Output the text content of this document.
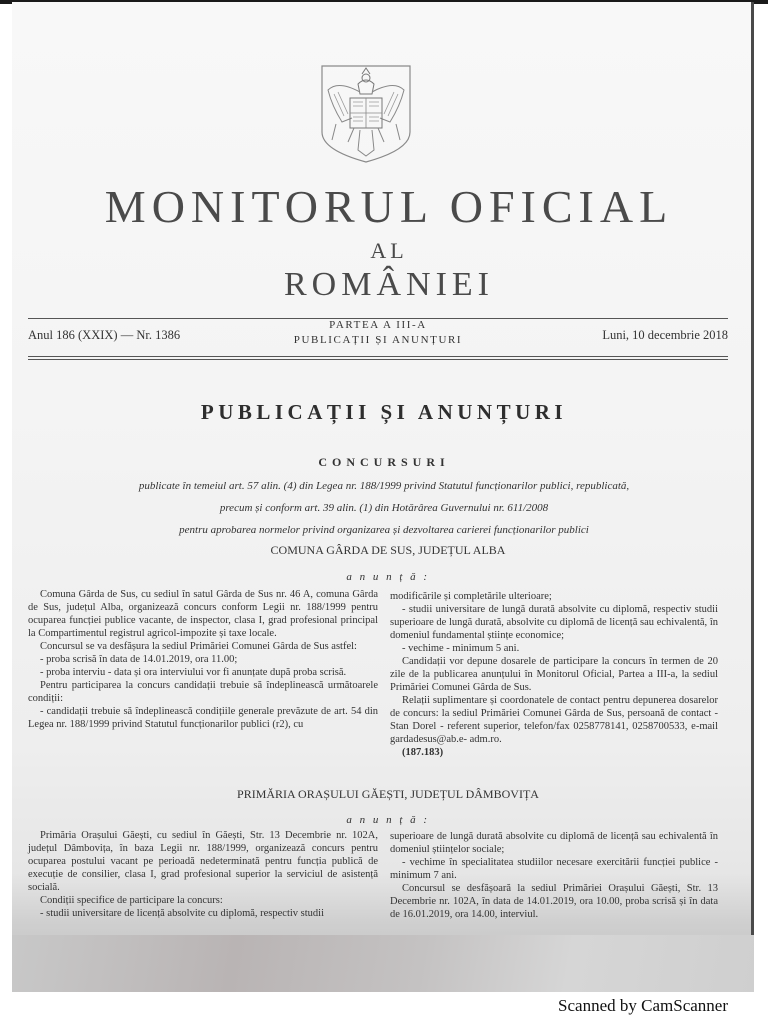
MONITORUL OFICIAL
AL
ROMÂNIEI
Anul 186 (XXIX) — Nr. 1386
PARTEA A III-A
PUBLICAȚII ȘI ANUNȚURI	Luni, 10 decembrie 2018
PUBLICAȚII ȘI ANUNȚURI
CONCURSURI
publicate în temeiul art. 57 alin. (4) din Legea nr. 188/1999 privind Statutul funcționarilor publici, republicată,
precum și conform art. 39 alin. (1) din Hotărârea Guvernului nr. 611/2008
pentru aprobarea normelor privind organizarea și dezvoltarea carierei funcționarilor publici
COMUNA GÂRDA DE SUS, JUDEȚUL ALBA
a n u n ț ă :

Comuna Gârda de Sus, cu sediul în satul Gârda de Sus nr. 46 A, comuna Gârda de Sus, județul Alba, organizează concurs conform Legii nr. 188/1999 pentru ocuparea funcției publice vacante, de inspector, clasa I, grad profesional principal la Compartimentul registrul agricol-impozite și taxe locale.

Concursul se va desfășura la sediul Primăriei Comunei Gârda de Sus astfel:

- proba scrisă în data de 14.01.2019, ora 11.00;

- proba interviu - data și ora interviului vor fi anunțate după proba scrisă.

Pentru participarea la concurs candidații trebuie să îndeplinească următoarele condiții:

- candidații trebuie să îndeplinească condițiile generale prevăzute de art. 54 din Legea nr. 188/1999 privind Statutul funcționarilor publici (r2), cu

modificările și completările ulterioare;

- studii universitare de lungă durată absolvite cu diplomă, respectiv studii superioare de lungă durată, absolvite cu diplomă de licență sau echivalentă, în domeniul fundamental științe economice;

- vechime - minimum 5 ani.

Candidații vor depune dosarele de participare la concurs în termen de 20 zile de la publicarea anunțului în Monitorul Oficial, Partea a III-a, la sediul Primăriei Comunei Gârda de Sus.

Relații suplimentare și coordonatele de contact pentru depunerea dosarelor de concurs: la sediul Primăriei Comunei Gârda de Sus, persoană de contact - Stan Dorel - referent superior, telefon/fax 0258778141, 0258700533, e-mail gardadesus@ab.e- adm.ro.

(187.183)

PRIMĂRIA ORAȘULUI GĂEȘTI, JUDEȚUL DÂMBOVIȚA
a n u n ț ă :

Primăria Orașului Găești, cu sediul în Găești, Str. 13 Decembrie nr. 102A, județul Dâmbovița, în baza Legii nr. 188/1999, organizează concurs pentru ocuparea postului vacant pe perioadă nedeterminată pentru funcția publică de execuție de consilier, clasa I, grad profesional superior la serviciul de asistență socială.

Condiții specifice de participare la concurs:

- studii universitare de licență absolvite cu diplomă, respectiv studii

superioare de lungă durată absolvite cu diplomă de licență sau echivalentă în domeniul științelor sociale;

- vechime în specialitatea studiilor necesare exercitării funcției publice - minimum 7 ani.

Concursul se desfășoară la sediul Primăriei Orașului Găești, Str. 13 Decembrie nr. 102A, în data de 14.01.2019, ora 10.00, proba scrisă și în data de 16.01.2019, ora 14.00, interviul.

Scanned by CamScanner
